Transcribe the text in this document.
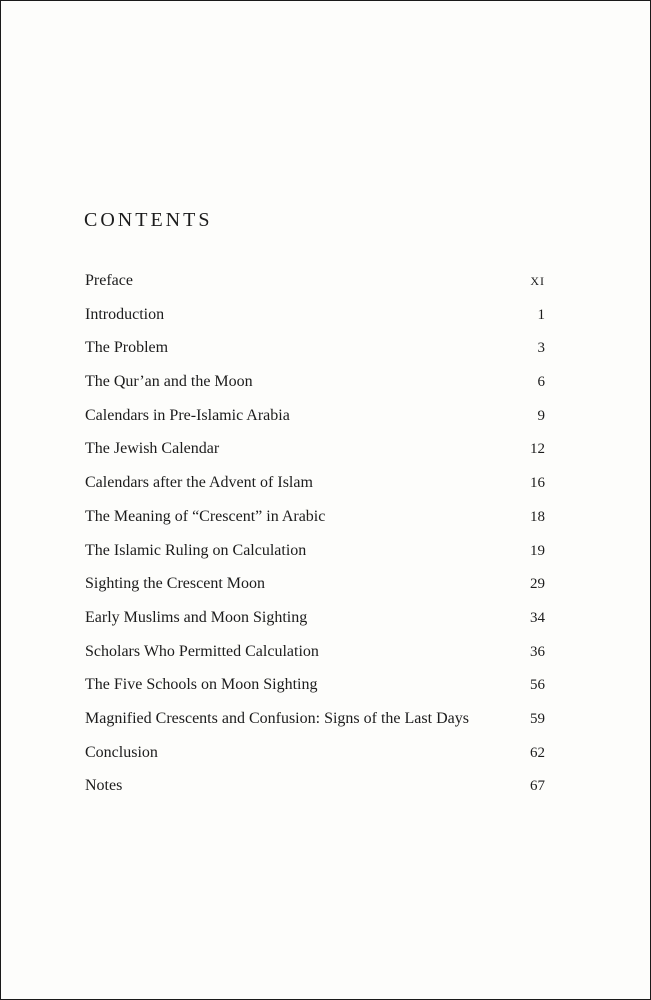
CONTENTS
Preface	XI
Introduction	1
The Problem	3
The Qur’an and the Moon	6
Calendars in Pre-Islamic Arabia	9
The Jewish Calendar	12
Calendars after the Advent of Islam	16
The Meaning of “Crescent” in Arabic	18
The Islamic Ruling on Calculation	19
Sighting the Crescent Moon	29
Early Muslims and Moon Sighting	34
Scholars Who Permitted Calculation	36
The Five Schools on Moon Sighting	56
Magnified Crescents and Confusion: Signs of the Last Days	59
Conclusion	62
Notes	67
